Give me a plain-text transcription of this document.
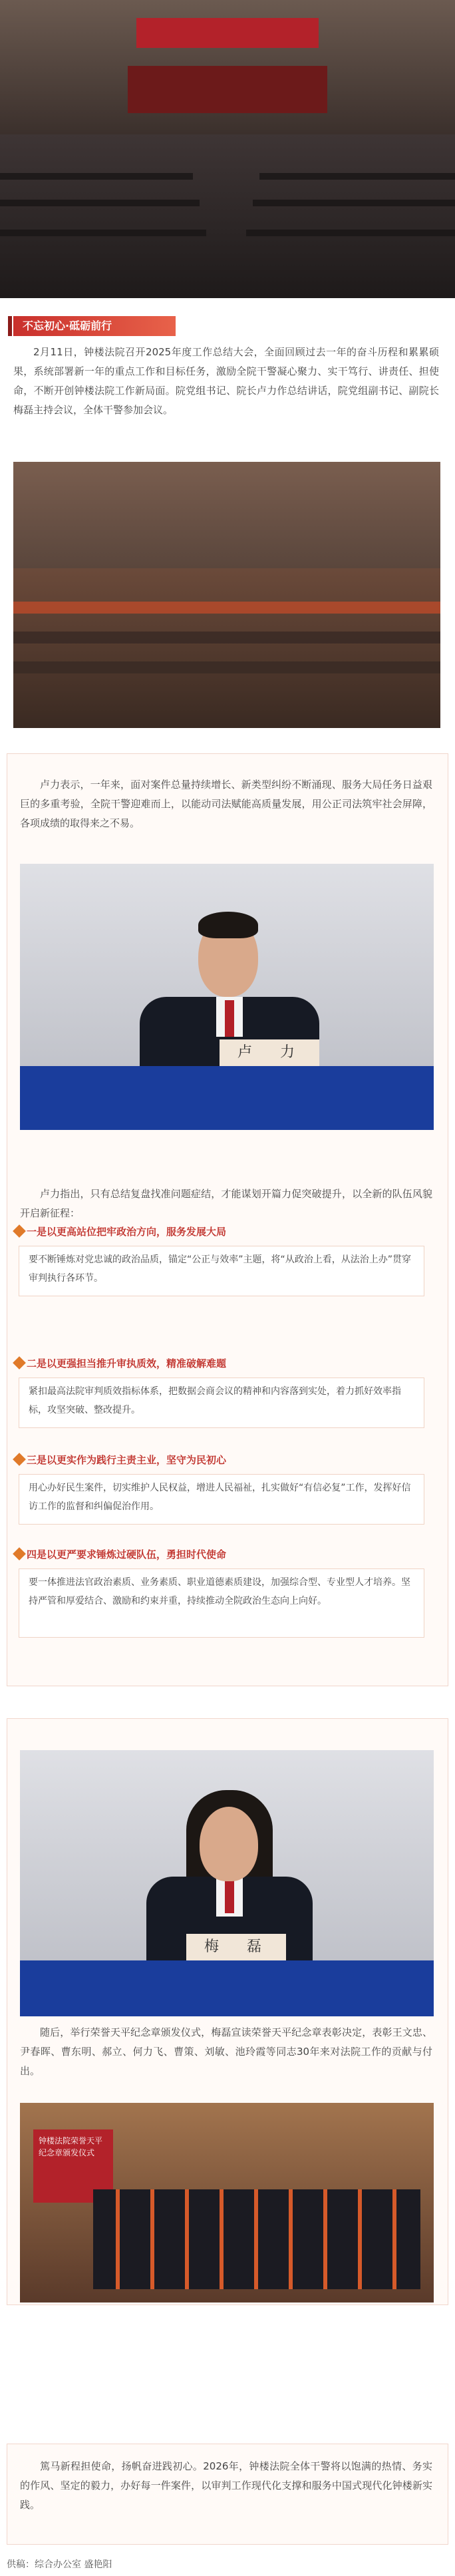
不忘初心·砥砺前行
2月11日，钟楼法院召开2025年度工作总结大会，全面回顾过去一年的奋斗历程和累累硕果，系统部署新一年的重点工作和目标任务，激励全院干警凝心聚力、实干笃行、讲责任、担使命，不断开创钟楼法院工作新局面。院党组书记、院长卢力作总结讲话，院党组副书记、副院长梅磊主持会议，全体干警参加会议。
卢力表示，一年来，面对案件总量持续增长、新类型纠纷不断涌现、服务大局任务日益艰巨的多重考验，全院干警迎难而上，以能动司法赋能高质量发展，用公正司法筑牢社会屏障，各项成绩的取得来之不易。
卢　力
卢力指出，只有总结复盘找准问题症结，才能谋划开篇力促突破提升，以全新的队伍风貌开启新征程：
一是以更高站位把牢政治方向，服务发展大局
要不断锤炼对党忠诚的政治品质，锚定“公正与效率”主题，将“从政治上看，从法治上办”贯穿审判执行各环节。
二是以更强担当推升审执质效，精准破解难题
紧扣最高法院审判质效指标体系，把数据会商会议的精神和内容落到实处，着力抓好效率指标，攻坚突破、整改提升。
三是以更实作为践行主责主业，坚守为民初心
用心办好民生案件，切实维护人民权益，增进人民福祉，扎实做好“有信必复”工作，发挥好信访工作的监督和纠偏促治作用。
四是以更严要求锤炼过硬队伍，勇担时代使命
要一体推进法官政治素质、业务素质、职业道德素质建设，加强综合型、专业型人才培养。坚持严管和厚爱结合、激励和约束并重，持续推动全院政治生态向上向好。
梅　磊
随后，举行荣誉天平纪念章颁发仪式，梅磊宣读荣誉天平纪念章表彰决定，表彰王文忠、尹春晖、曹东明、郝立、何力飞、曹策、刘敏、池玲霞等同志30年来对法院工作的贡献与付出。
钟楼法院荣誉天平纪念章颁发仪式
篤马新程担使命，扬帆奋进践初心。2026年，钟楼法院全体干警将以饱满的热情、务实的作风、坚定的毅力，办好每一件案件，以审判工作现代化支撑和服务中国式现代化钟楼新实践。
供稿：综合办公室 盛艳阳
